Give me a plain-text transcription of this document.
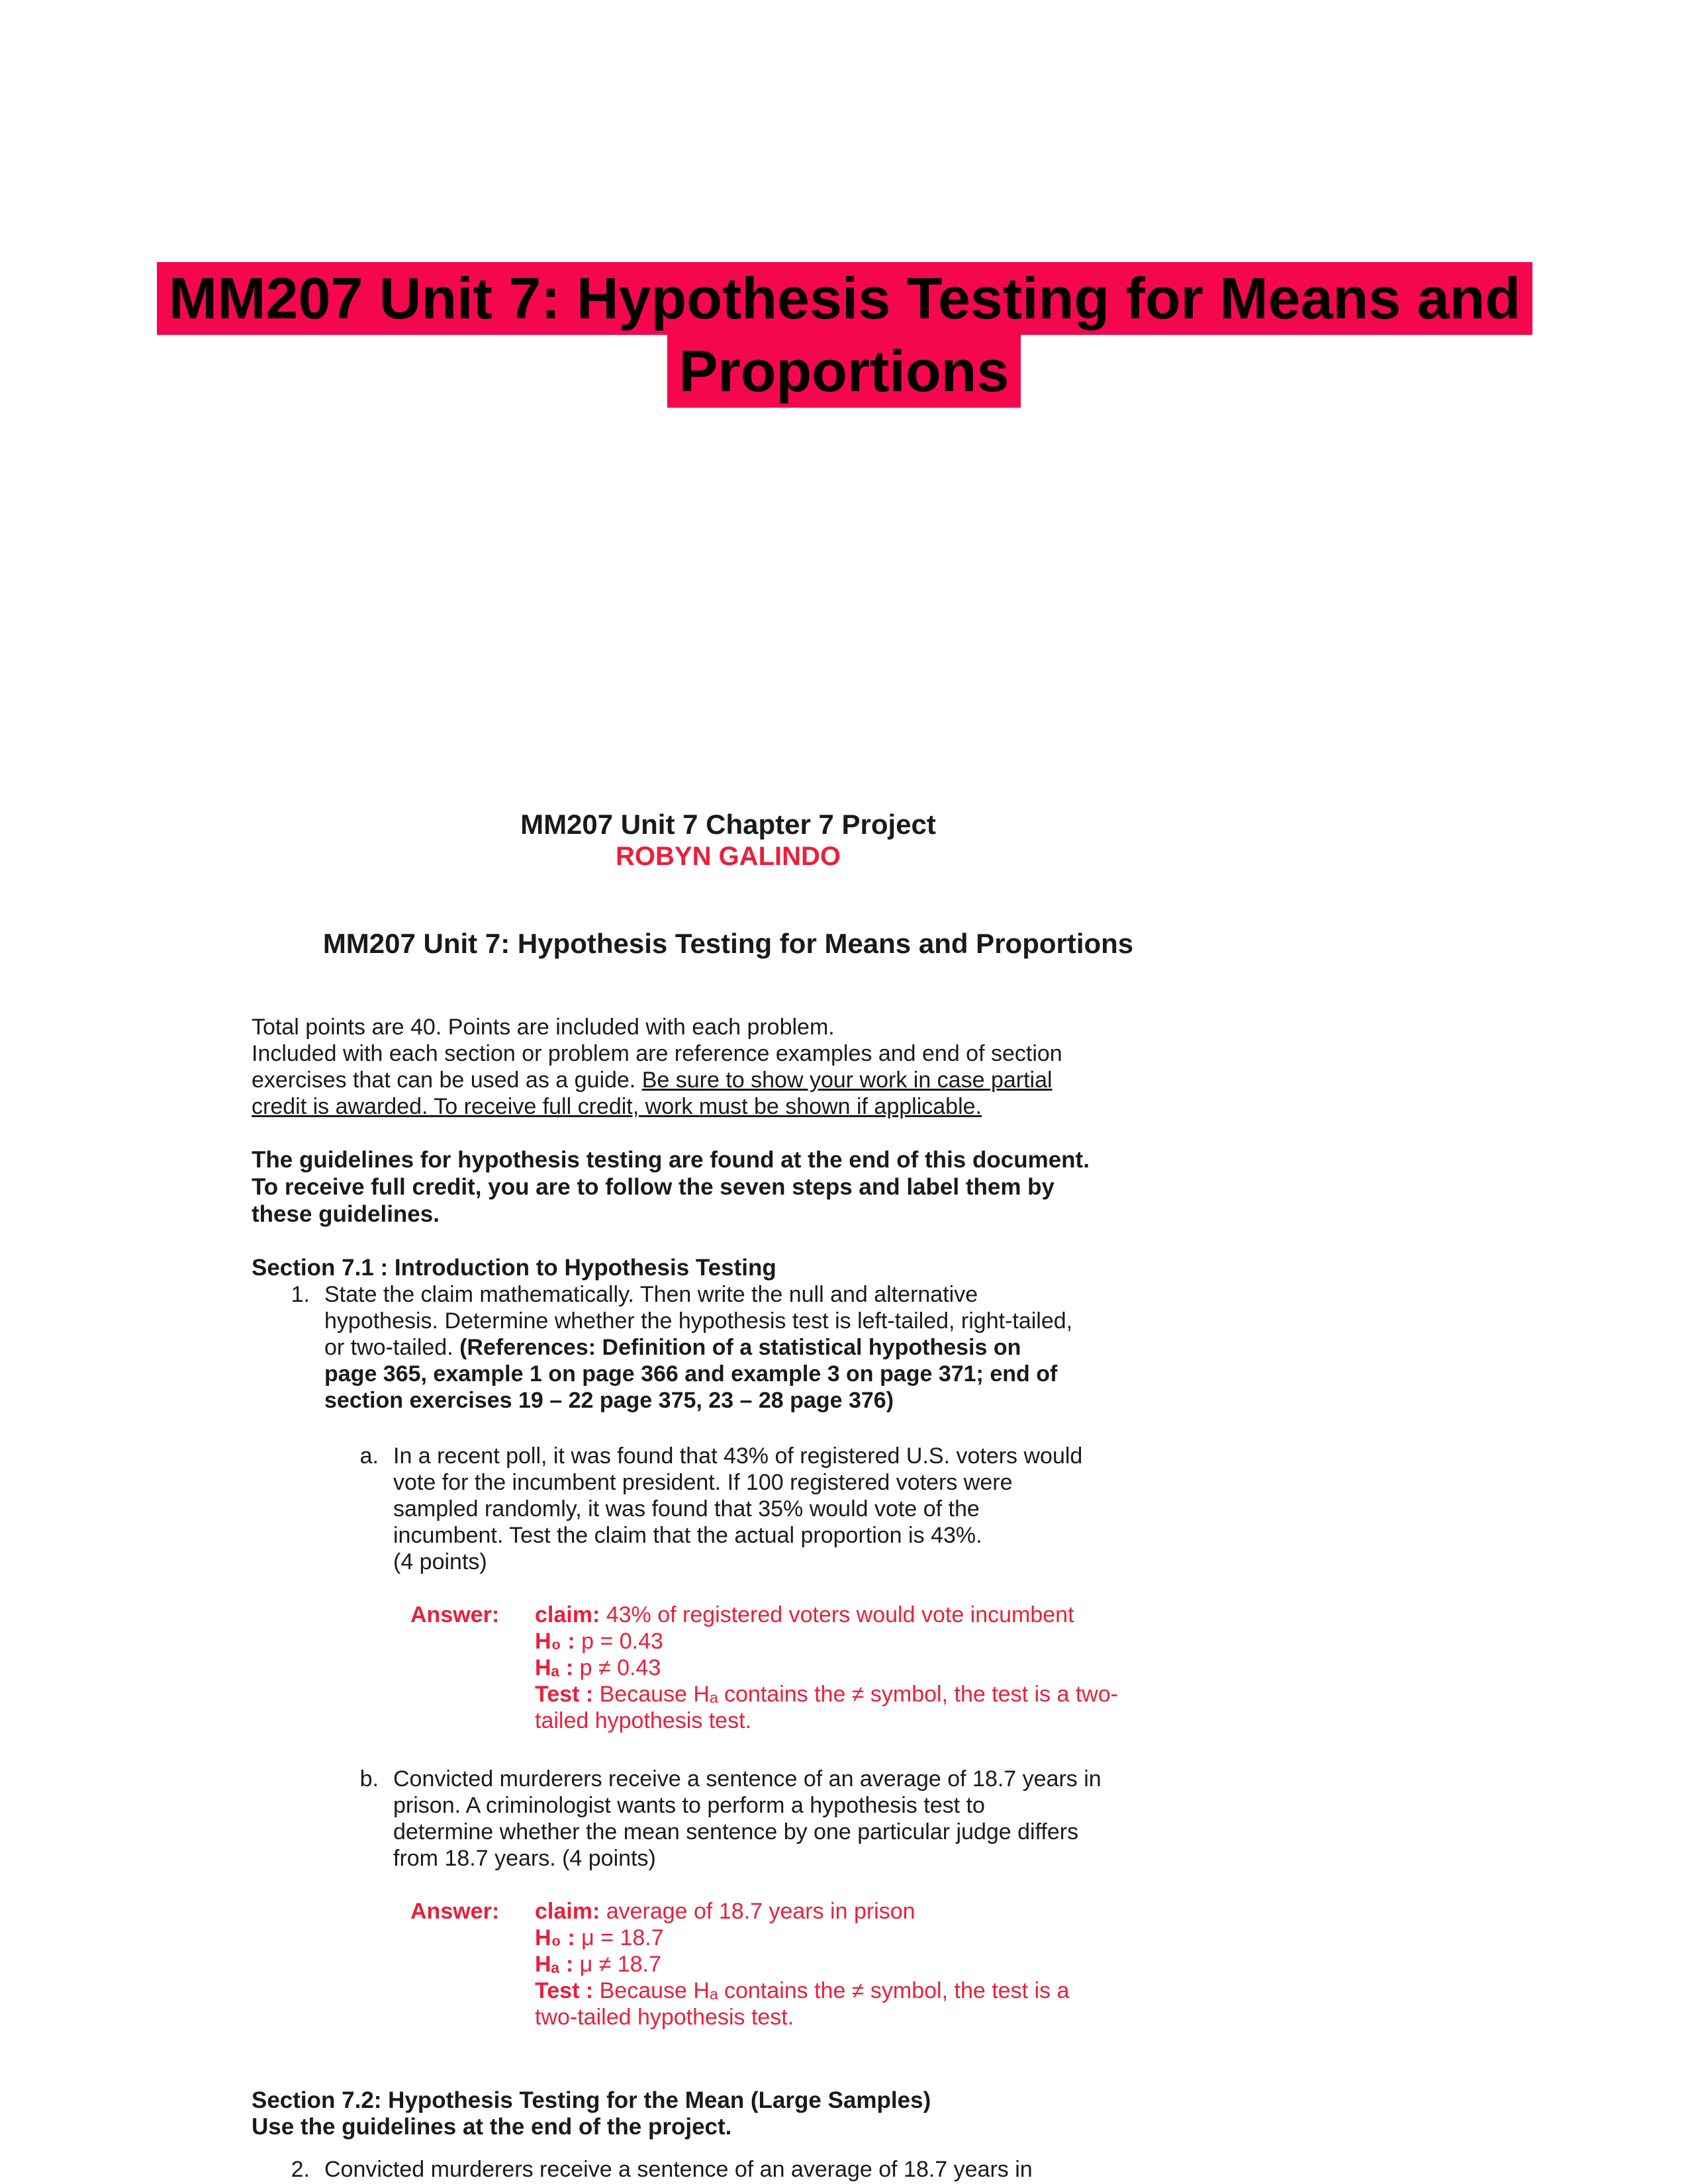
MM207 Unit 7: Hypothesis Testing for Means and
Proportions
MM207 Unit 7 Chapter 7 Project
ROBYN GALINDO
MM207 Unit 7: Hypothesis Testing for Means and Proportions

Total points are 40. Points are included with each problem.

Included with each section or problem are reference examples and end of section

exercises that can be used as a guide. Be sure to show your work in case partial

credit is awarded. To receive full credit, work must be shown if applicable.

The guidelines for hypothesis testing are found at the end of this document.

To receive full credit, you are to follow the seven steps and label them by

these guidelines.

Section 7.1 : Introduction to Hypothesis Testing

1. State the claim mathematically. Then write the null and alternative

hypothesis. Determine whether the hypothesis test is left-tailed, right-tailed,

or two-tailed. (References: Definition of a statistical hypothesis on

page 365, example 1 on page 366 and example 3 on page 371; end of

section exercises 19 – 22 page 375, 23 – 28 page 376)

a. In a recent poll, it was found that 43% of registered U.S. voters would

vote for the incumbent president. If 100 registered voters were

sampled randomly, it was found that 35% would vote of the

incumbent. Test the claim that the actual proportion is 43%.

(4 points)

Answer:	claim: 43% of registered voters would vote incumbent

H₀ : p = 0.43

Hₐ : p ≠ 0.43

Test : Because Hₐ contains the ≠ symbol, the test is a two-

tailed hypothesis test.

b. Convicted murderers receive a sentence of an average of 18.7 years in

prison. A criminologist wants to perform a hypothesis test to

determine whether the mean sentence by one particular judge differs

from 18.7 years. (4 points)

Answer:	claim: average of 18.7 years in prison

H₀ : μ = 18.7

Hₐ : μ ≠ 18.7

Test : Because Hₐ contains the ≠ symbol, the test is a

two-tailed hypothesis test.

Section 7.2: Hypothesis Testing for the Mean (Large Samples)

Use the guidelines at the end of the project.

2. Convicted murderers receive a sentence of an average of 18.7 years in
